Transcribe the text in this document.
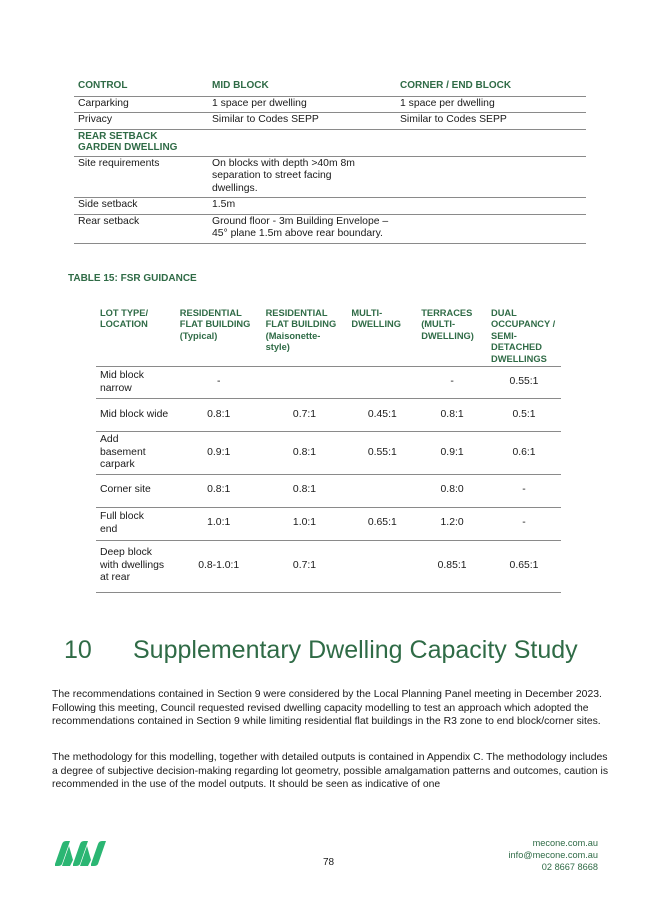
CONTROL	MID BLOCK	CORNER / END BLOCK
Carparking	1 space per dwelling	1 space per dwelling
Privacy	Similar to Codes SEPP	Similar to Codes SEPP

REAR SETBACK GARDEN DWELLING		

Site requirements	On blocks with depth >40m 8m separation to street facing dwellings.	

Side setback	1.5m	
Rear setback	Ground floor - 3m Building Envelope – 45° plane 1.5m above rear boundary.	

TABLE 15: FSR GUIDANCE
LOT TYPE/ LOCATION	RESIDENTIAL FLAT BUILDING (Typical)	RESIDENTIAL FLAT BUILDING (Maisonette-style)	MULTI-DWELLING	TERRACES (MULTI-DWELLING)	DUAL OCCUPANCY / SEMI-DETACHED DWELLINGS

Mid block narrow	-			-	0.55:1
Mid block wide	0.8:1	0.7:1	0.45:1	0.8:1	0.5:1

Add basement carpark	0.9:1	0.8:1	0.55:1	0.9:1	0.6:1
Corner site	0.8:1	0.8:1		0.8:0	-

Full block end	1.0:1	1.0:1	0.65:1	1.2:0	-

Deep block with dwellings at rear	0.8-1.0:1	0.7:1		0.85:1	0.65:1
10 Supplementary Dwelling Capacity Study

The recommendations contained in Section 9 were considered by the Local Planning Panel meeting in December 2023. Following this meeting, Council requested revised dwelling capacity modelling to test an approach which adopted the recommendations contained in Section 9 while limiting residential flat buildings in the R3 zone to end block/corner sites.

The methodology for this modelling, together with detailed outputs is contained in Appendix C. The methodology includes a degree of subjective decision-making regarding lot geometry, possible amalgamation patterns and outcomes, caution is recommended in the use of the model outputs. It should be seen as indicative of one

78
mecone.com.au
info@mecone.com.au
02 8667 8668
